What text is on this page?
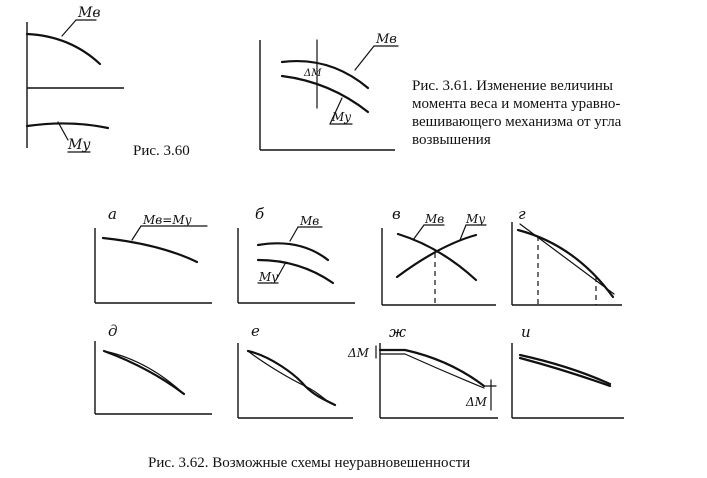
Mв
Mу	Рис. 3.60
Mв
Mу
ΔM
Рис. 3.61. Изменение величины
момента веса и момента уравно-
вешивающего механизма от угла
возвышения
а Mв=Mу	б	Mв
Mу
в Mв Mу г
д	е	ж
ΔM
ΔM
и
Рис. 3.62. Возможные схемы неуравновешенности
